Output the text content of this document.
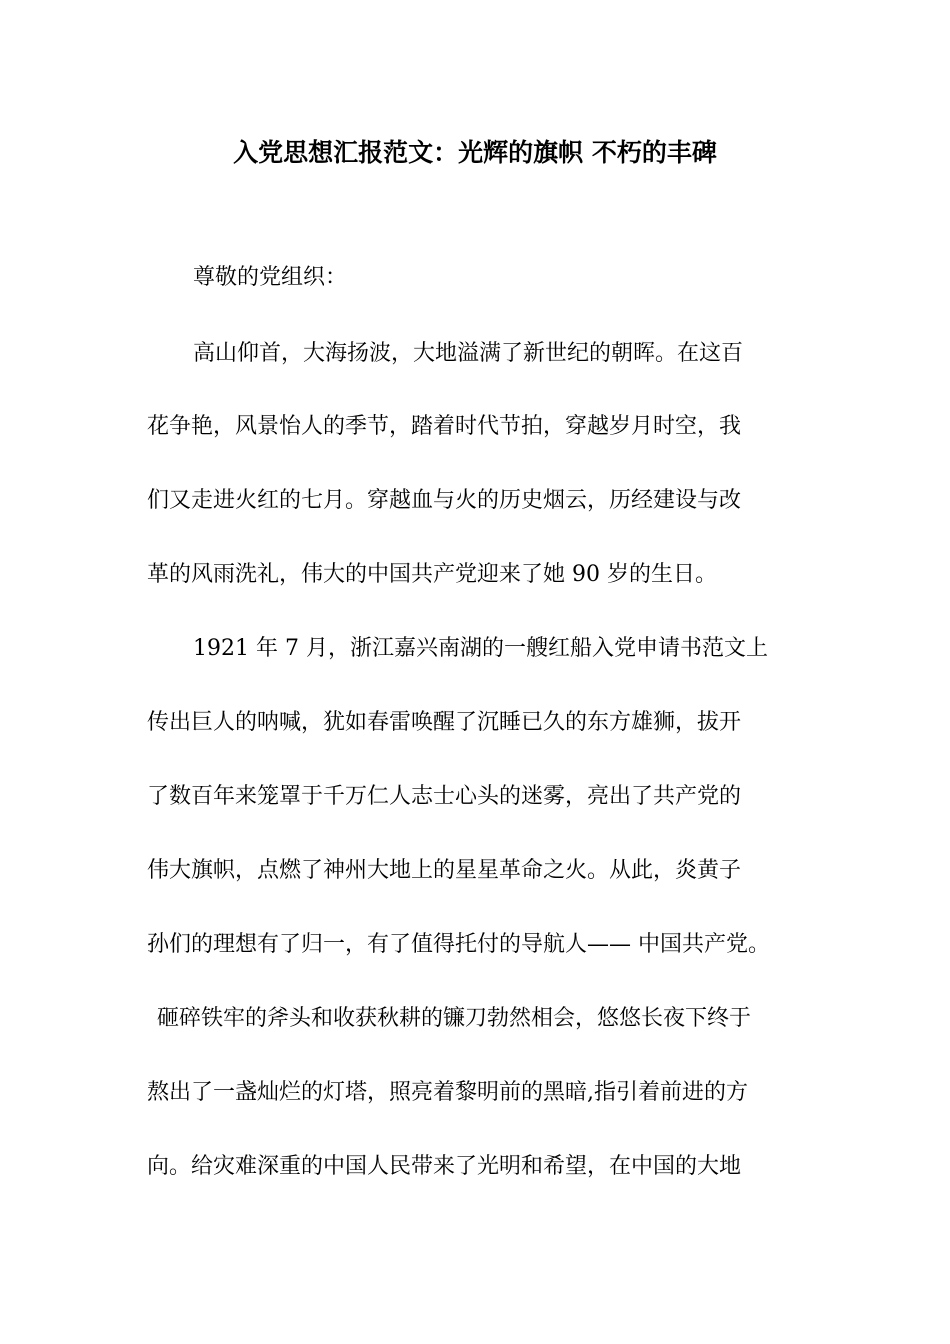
入党思想汇报范文：光辉的旗帜 不朽的丰碑
尊敬的党组织：
高山仰首，大海扬波，大地溢满了新世纪的朝晖。在这百
花争艳，风景怡人的季节，踏着时代节拍，穿越岁月时空，我
们又走进火红的七月。穿越血与火的历史烟云，历经建设与改
革的风雨洗礼，伟大的中国共产党迎来了她 90 岁的生日。
1921 年 7 月，浙江嘉兴南湖的一艘红船入党申请书范文上
传出巨人的呐喊，犹如春雷唤醒了沉睡已久的东方雄狮，拔开
了数百年来笼罩于千万仁人志士心头的迷雾，亮出了共产党的
伟大旗帜，点燃了神州大地上的星星革命之火。从此，炎黄子
孙们的理想有了归一，有了值得托付的导航人—— 中国共产党。
砸碎铁牢的斧头和收获秋耕的镰刀勃然相会，悠悠长夜下终于
熬出了一盏灿烂的灯塔，照亮着黎明前的黑暗,指引着前进的方
向。给灾难深重的中国人民带来了光明和希望，在中国的大地
